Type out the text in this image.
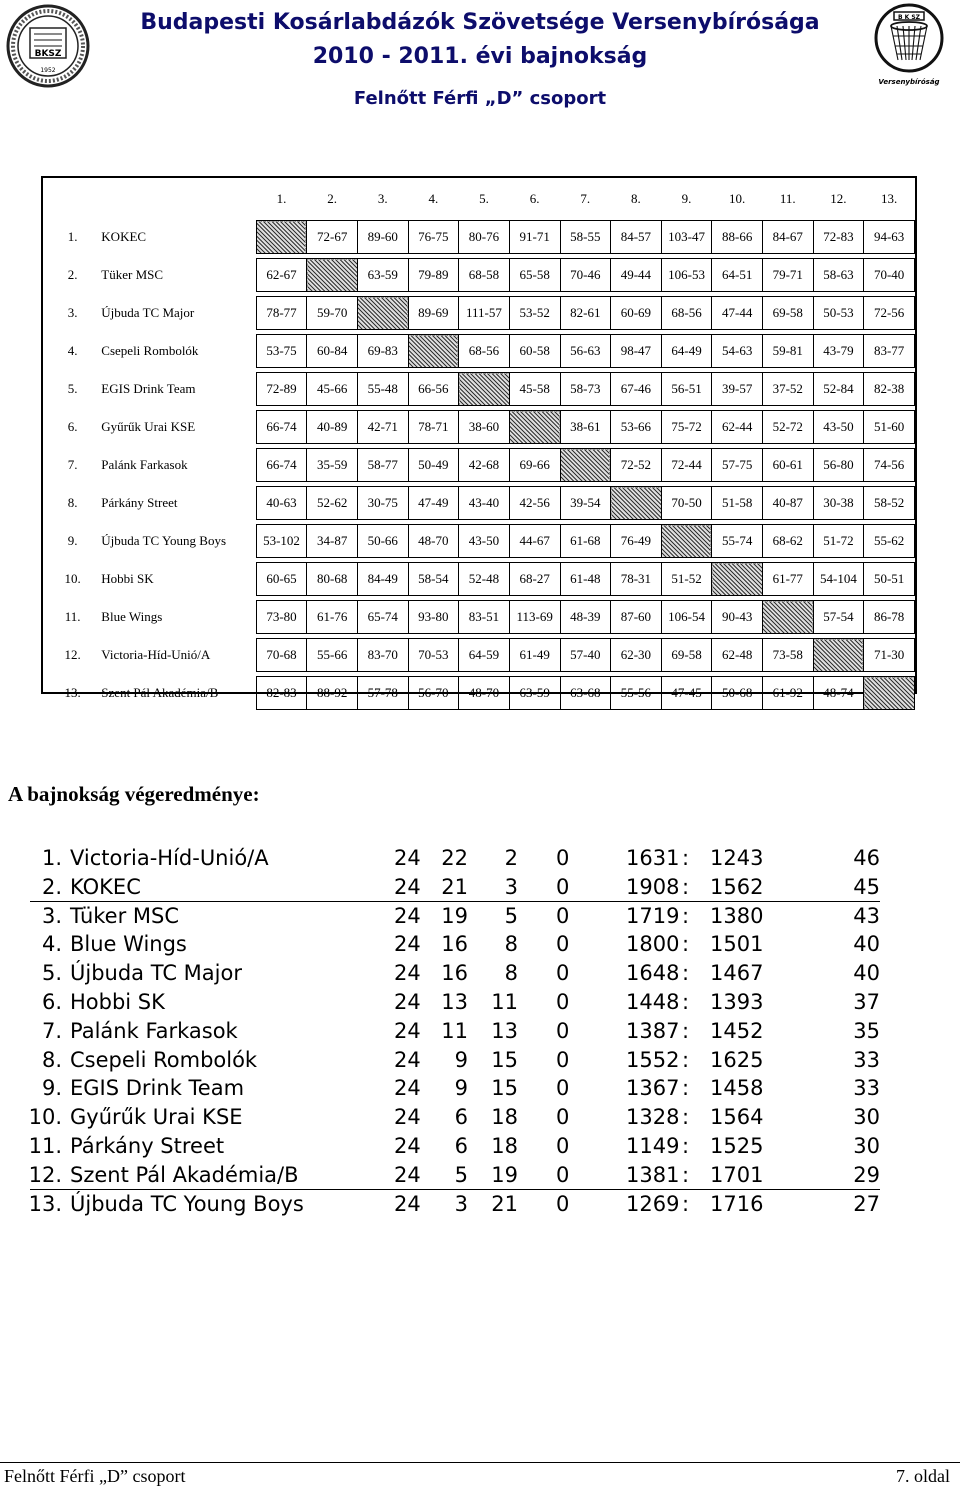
BKSZ
1952
Budapesti Kosárlabdázók Szövetsége Versenybírósága
2010 - 2011. évi bajnokság
Felnőtt Férfi „D” csoport
B K SZ
Versenybíróság
		1.	2.	3.	4.	5.	6.	7.	8.	9.	10.	11.	12.	13.

1.	KOKEC		72-67	89-60	76-75	80-76	91-71	58-55	84-57	103-47	88-66	84-67	72-83	94-63

2.	Tüker MSC	62-67		63-59	79-89	68-58	65-58	70-46	49-44	106-53	64-51	79-71	58-63	70-40

3.	Újbuda TC Major	78-77	59-70		89-69	111-57	53-52	82-61	60-69	68-56	47-44	69-58	50-53	72-56

4.	Csepeli Rombolók	53-75	60-84	69-83		68-56	60-58	56-63	98-47	64-49	54-63	59-81	43-79	83-77

5.	EGIS Drink Team	72-89	45-66	55-48	66-56		45-58	58-73	67-46	56-51	39-57	37-52	52-84	82-38

6.	Gyűrűk Urai KSE	66-74	40-89	42-71	78-71	38-60		38-61	53-66	75-72	62-44	52-72	43-50	51-60

7.	Palánk Farkasok	66-74	35-59	58-77	50-49	42-68	69-66		72-52	72-44	57-75	60-61	56-80	74-56

8.	Párkány Street	40-63	52-62	30-75	47-49	43-40	42-56	39-54		70-50	51-58	40-87	30-38	58-52

9.	Újbuda TC Young Boys	53-102	34-87	50-66	48-70	43-50	44-67	61-68	76-49		55-74	68-62	51-72	55-62

10.	Hobbi SK	60-65	80-68	84-49	58-54	52-48	68-27	61-48	78-31	51-52		61-77	54-104	50-51

11.	Blue Wings	73-80	61-76	65-74	93-80	83-51	113-69	48-39	87-60	106-54	90-43		57-54	86-78

12.	Victoria-Híd-Unió/A	70-68	55-66	83-70	70-53	64-59	61-49	57-40	62-30	69-58	62-48	73-58		71-30

13.	Szent Pál Akadémia/B	82-83	88-92	57-78	56-70	48-70	63-59	63-68	55-56	47-45	50-68	61-92	48-74	
A bajnokság végeredménye:
1. Victoria-Híd-Unió/A	24 22 2 0	1631 1243	46
:
2. KOKEC	24 21 3 0	1908 1562	45
:
3. Tüker MSC	24 19 5 0	1719 1380	43
:
4. Blue Wings	24 16 8 0	1800 1501	40
:
5. Újbuda TC Major	24 16 8 0	1648 1467	40
:
6. Hobbi SK	24 13 11 0	1448 1393	37
:
7. Palánk Farkasok	24 11 13 0	1387 1452	35
:
8. Csepeli Rombolók	24 9 15 0	1552 1625	33
:
9. EGIS Drink Team	24 9 15 0	1367 1458	33
:
10. Gyűrűk Urai KSE	24 6 18 0	1328 1564	30
:
11. Párkány Street	24 6 18 0	1149 1525	30
:
12. Szent Pál Akadémia/B	24 5 19 0	1381 1701	29
:
13. Újbuda TC Young Boys	24 3 21 0	1269 1716	27
:
Felnőtt Férfi „D” csoport	7. oldal
